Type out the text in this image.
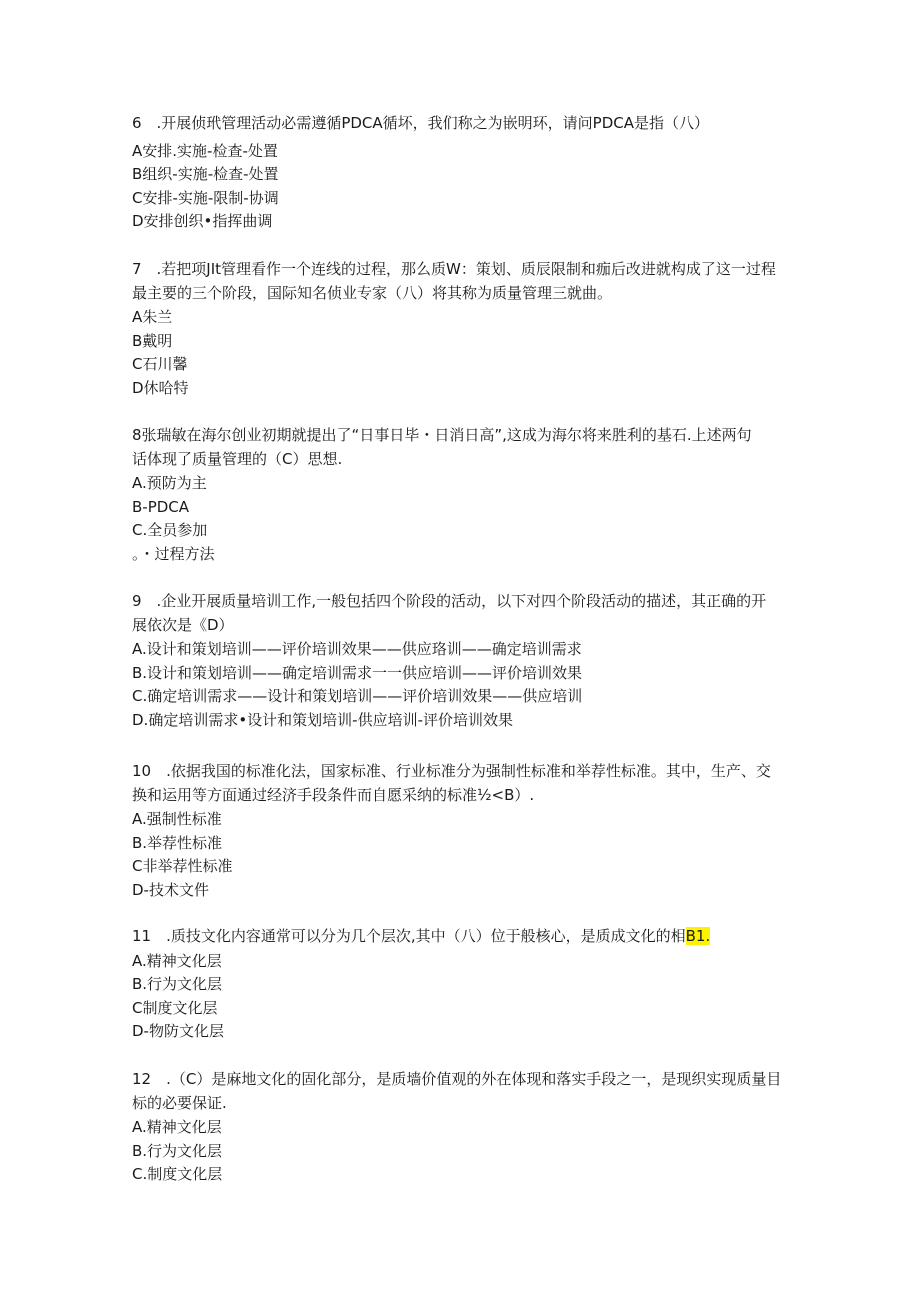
6　.开展侦玳管理活动必需遵循PDCA循坏，我们称之为嵌明环，请问PDCA是指（八）
A安排.实施-检查-处置
B组织-实施-检查-处置
C安排-实施-限制-协调
D安排创织•指挥曲调
7　.若把项JIt管理看作一个连线的过程，那么质W：策划、质辰限制和痂后改进就构成了这一过程
最主要的三个阶段，国际知名侦业专家（八）将其称为质量管理三就曲。
A朱兰
B戴明
C石川馨
D休哈特
8张瑞敏在海尔创业初期就提出了“日事日毕・日消日高”,这成为海尔将来胜利的基石.上述两句
话体现了质量管理的（C）思想.
A.预防为主
B-PDCA
C.全员参加
。・过程方法
9　.企业开展质量培训工作,一般包括四个阶段的活动，以下对四个阶段活动的描述，其正确的开
展依次是《D）
A.设计和策划培训——评价培训效果——供应珞训——确定培训需求
B.设计和策划培训——确定培训需求一一供应培训——评价培训效果
C.确定培训需求——设计和策划培训——评价培训效果——供应培训
D.确定培训需求•设计和策划培训-供应培训-评价培训效果
10　.依据我国的标准化法，国家标准、行业标准分为强制性标准和举荐性标准。其中，生产、交
换和运用等方面通过经济手段条件而自愿采纳的标准½<B）.
A.强制性标准
B.举荐性标准
C非举荐性标准
D-技术文件
11　.质技文化内容通常可以分为几个层次,其中（八）位于般核心，是质成文化的相B1.
A.精神文化层
B.行为文化层
C制度文化层
D-物防文化层
12　.（C）是麻地文化的固化部分，是质墙价值观的外在体现和落实手段之一，是现织实现质量目
标的必要保证.
A.精神文化层
B.行为文化层
C.制度文化层
